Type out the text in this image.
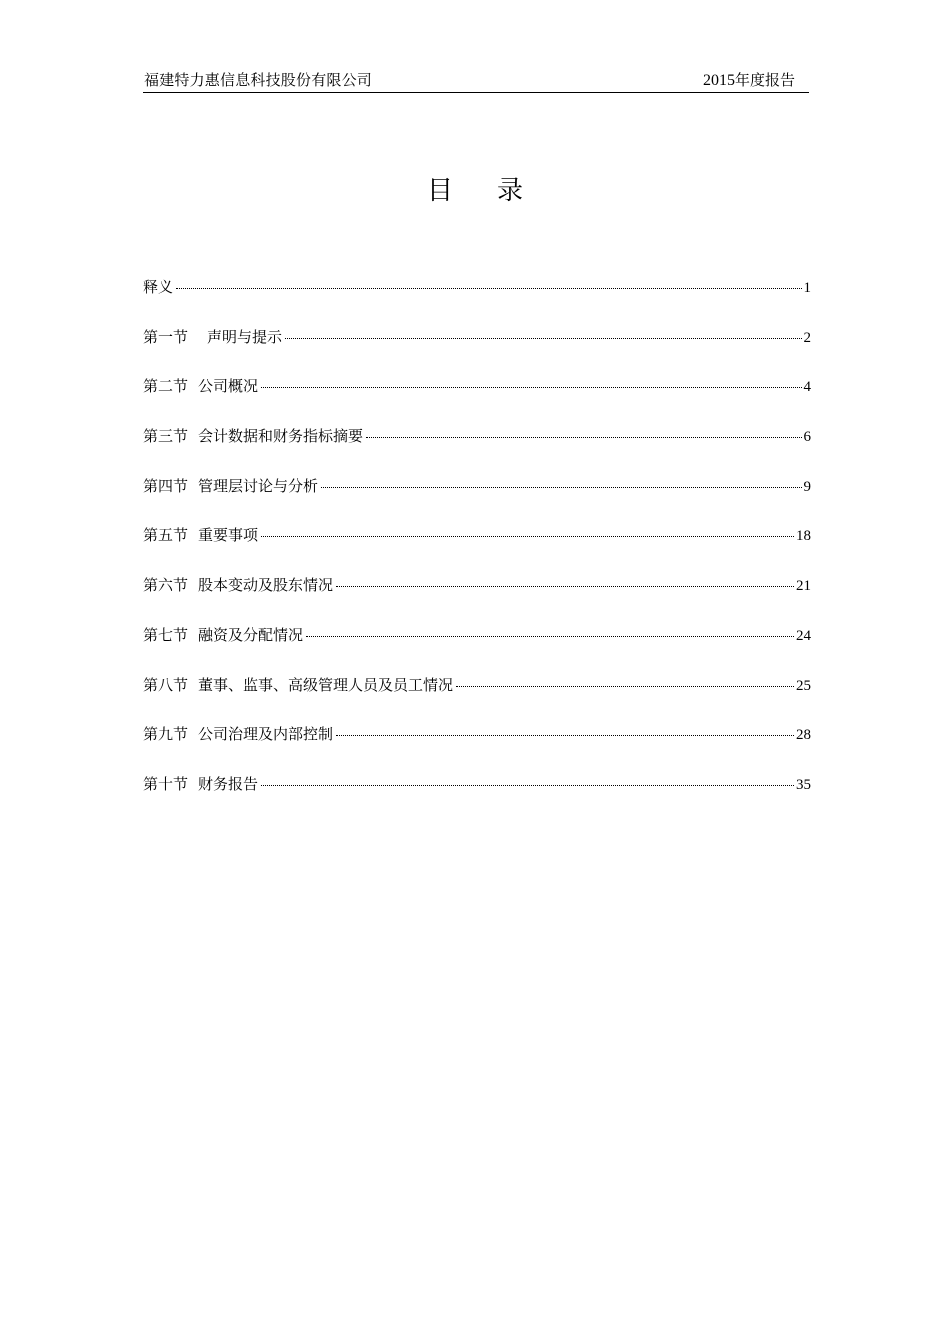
福建特力惠信息科技股份有限公司	2015年度报告
目录
释义	1
第一节 声明与提示	2
第二节 公司概况	4
第三节 会计数据和财务指标摘要	6
第四节 管理层讨论与分析	9
第五节 重要事项	18
第六节 股本变动及股东情况	21
第七节 融资及分配情况	24
第八节 董事、监事、高级管理人员及员工情况	25
第九节 公司治理及内部控制	28
第十节 财务报告	35
